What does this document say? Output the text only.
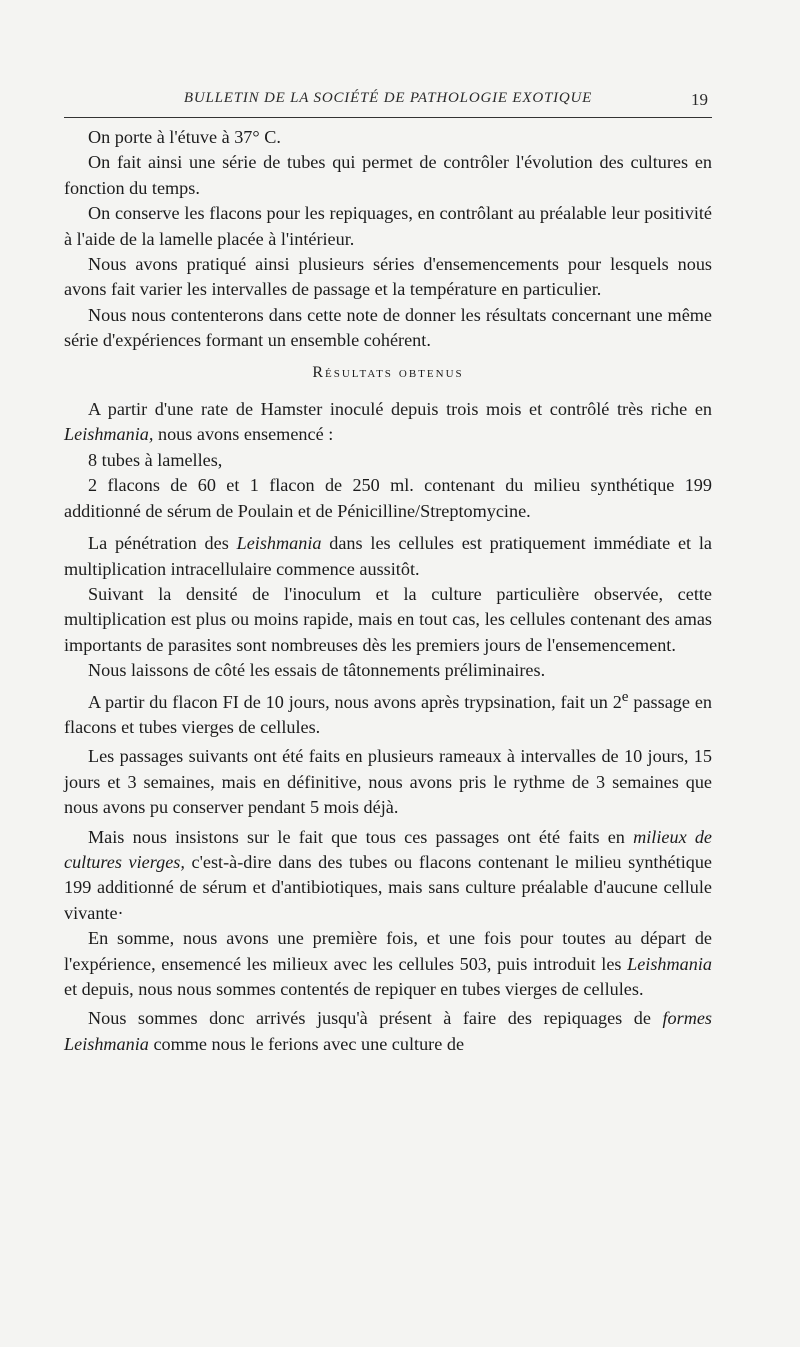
BULLETIN DE LA SOCIÉTÉ DE PATHOLOGIE EXOTIQUE	19

On porte à l'étuve à 37° C.

On fait ainsi une série de tubes qui permet de contrôler l'évolution des cultures en fonction du temps.

On conserve les flacons pour les repiquages, en contrôlant au préalable leur positivité à l'aide de la lamelle placée à l'intérieur.

Nous avons pratiqué ainsi plusieurs séries d'ensemencements pour lesquels nous avons fait varier les intervalles de passage et la température en particulier.

Nous nous contenterons dans cette note de donner les résultats concernant une même série d'expériences formant un ensemble cohérent.

Résultats obtenus

A partir d'une rate de Hamster inoculé depuis trois mois et contrôlé très riche en Leishmania, nous avons ensemencé :

8 tubes à lamelles,

2 flacons de 60 et 1 flacon de 250 ml. contenant du milieu synthétique 199 additionné de sérum de Poulain et de Pénicilline/Streptomycine.

La pénétration des Leishmania dans les cellules est pratiquement immédiate et la multiplication intracellulaire commence aussitôt.

Suivant la densité de l'inoculum et la culture particulière observée, cette multiplication est plus ou moins rapide, mais en tout cas, les cellules contenant des amas importants de parasites sont nombreuses dès les premiers jours de l'ensemencement.

Nous laissons de côté les essais de tâtonnements préliminaires.

A partir du flacon FI de 10 jours, nous avons après trypsination, fait un 2e passage en flacons et tubes vierges de cellules.

Les passages suivants ont été faits en plusieurs rameaux à intervalles de 10 jours, 15 jours et 3 semaines, mais en définitive, nous avons pris le rythme de 3 semaines que nous avons pu conserver pendant 5 mois déjà.

Mais nous insistons sur le fait que tous ces passages ont été faits en milieux de cultures vierges, c'est-à-dire dans des tubes ou flacons contenant le milieu synthétique 199 additionné de sérum et d'antibiotiques, mais sans culture préalable d'aucune cellule vivante·

En somme, nous avons une première fois, et une fois pour toutes au départ de l'expérience, ensemencé les milieux avec les cellules 503, puis introduit les Leishmania et depuis, nous nous sommes contentés de repiquer en tubes vierges de cellules.

Nous sommes donc arrivés jusqu'à présent à faire des repiquages de formes Leishmania comme nous le ferions avec une culture de
